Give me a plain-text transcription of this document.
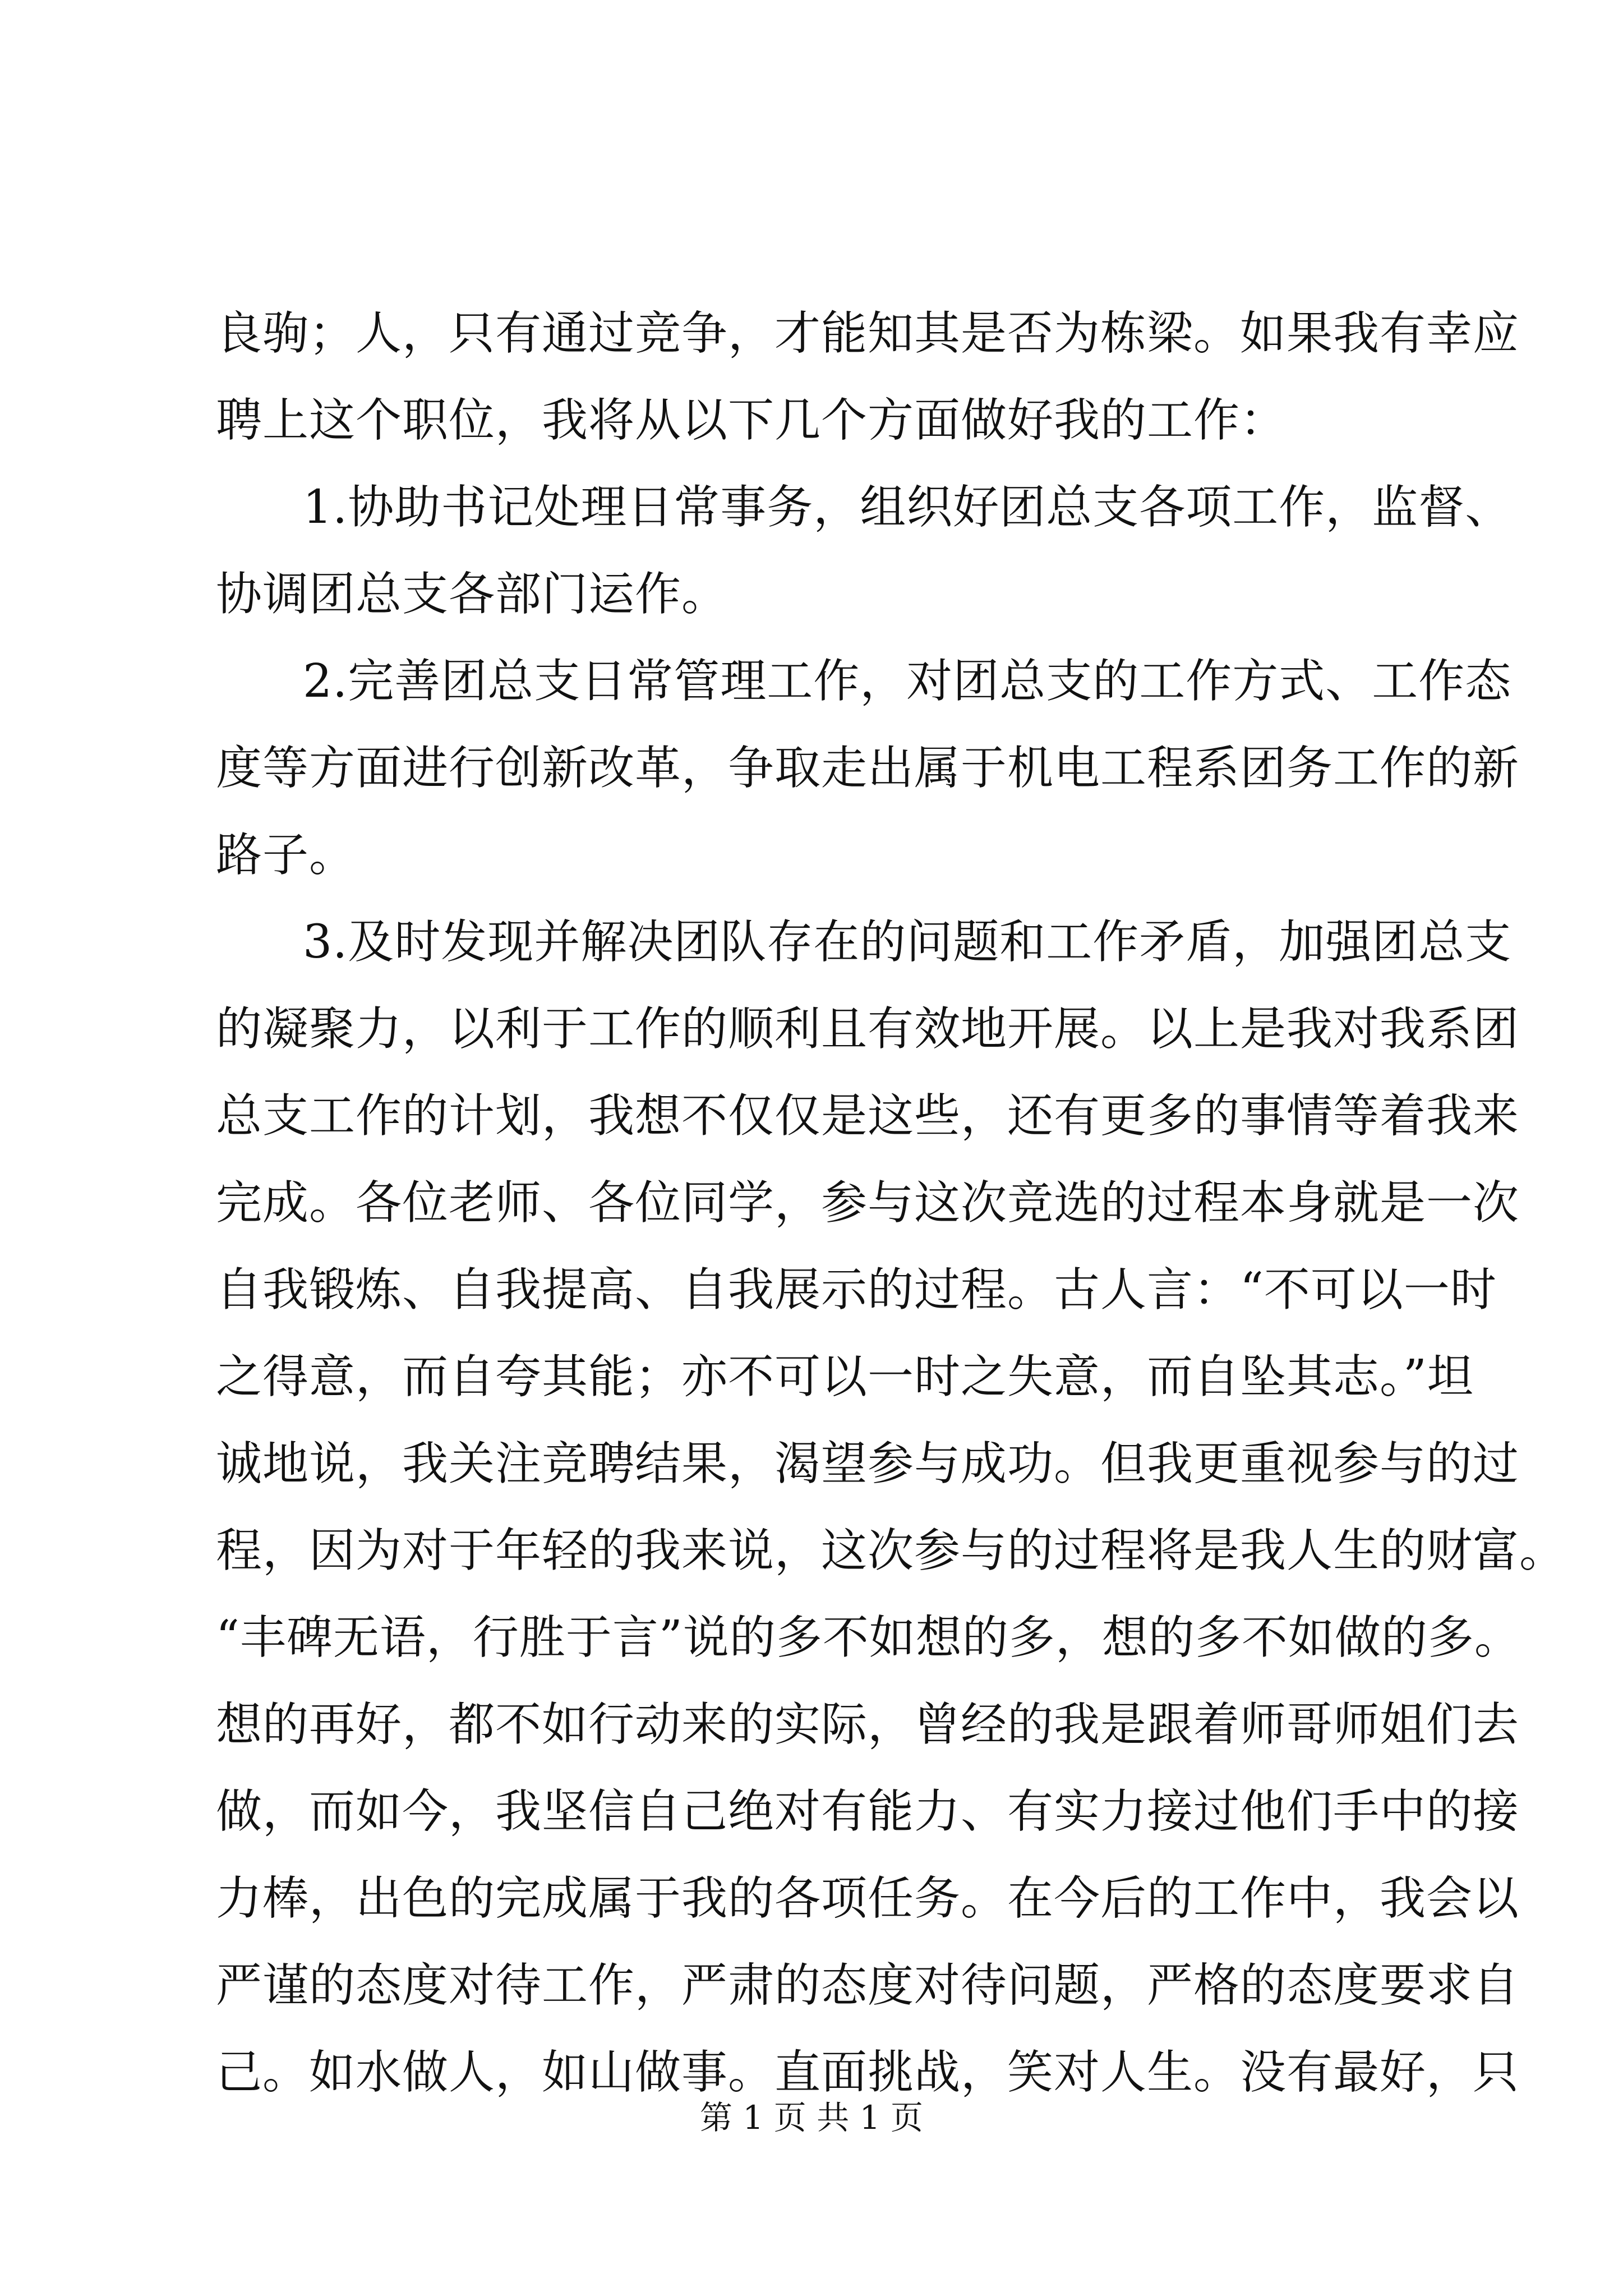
良驹；人，只有通过竞争，才能知其是否为栋梁。如果我有幸应
聘上这个职位，我将从以下几个方面做好我的工作：
1.协助书记处理日常事务，组织好团总支各项工作，监督、
协调团总支各部门运作。
2.完善团总支日常管理工作，对团总支的工作方式、工作态
度等方面进行创新改革，争取走出属于机电工程系团务工作的新
路子。
3.及时发现并解决团队存在的问题和工作矛盾，加强团总支
的凝聚力，以利于工作的顺利且有效地开展。以上是我对我系团
总支工作的计划，我想不仅仅是这些，还有更多的事情等着我来
完成。各位老师、各位同学，参与这次竞选的过程本身就是一次
自我锻炼、自我提高、自我展示的过程。古人言：“不可以一时
之得意，而自夸其能；亦不可以一时之失意，而自坠其志。”坦
诚地说，我关注竞聘结果，渴望参与成功。但我更重视参与的过
程，因为对于年轻的我来说，这次参与的过程将是我人生的财富。
“丰碑无语，行胜于言”说的多不如想的多，想的多不如做的多。
想的再好，都不如行动来的实际，曾经的我是跟着师哥师姐们去
做，而如今，我坚信自己绝对有能力、有实力接过他们手中的接
力棒，出色的完成属于我的各项任务。在今后的工作中，我会以
严谨的态度对待工作，严肃的态度对待问题，严格的态度要求自
己。如水做人，如山做事。直面挑战，笑对人生。没有最好，只
第 1 页 共 1 页
